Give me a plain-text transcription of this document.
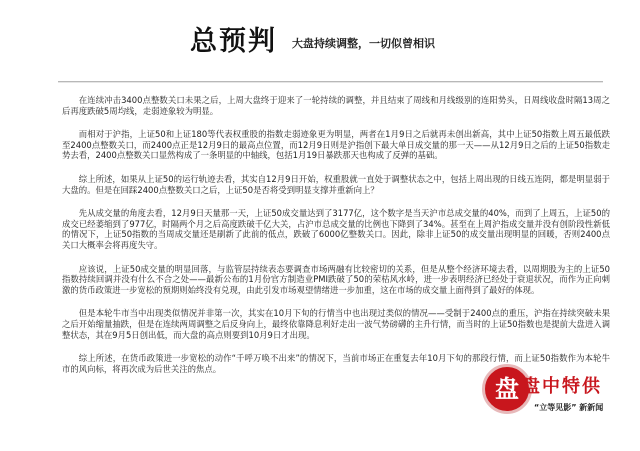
总预判 大盘持续调整，一切似曾相识

在连续冲击3400点整数关口未果之后，上周大盘终于迎来了一轮持续的调整，并且结束了周线和月线级别的连阳势头，日周线收盘时隔13周之后再度跌破5周均线，走弱迹象较为明显。

而相对于沪指，上证50和上证180等代表权重股的指数走弱迹象更为明显，两者在1月9日之后就再未创出新高，其中上证50指数上周五最低跌至2400点整数关口，而2400点正是12月9日的最高点位置，而12月9日则是沪指创下最大单日成交量的那一天——从12月9日之后的上证50指数走势去看，2400点整数关口显然构成了一条明显的中轴线，包括1月19日暴跌那天也构成了反弹的基础。

综上所述，如果从上证50的运行轨迹去看，其实自12月9日开始，权重股就一直处于调整状态之中，包括上周出现的日线五连阴，都是明显弱于大盘的。但是在回踩2400点整数关口之后，上证50是否将受到明显支撑并重新向上？

先从成交量的角度去看，12月9日天量那一天，上证50成交量达到了3177亿，这个数字是当天沪市总成交量的40%，而到了上周五，上证50的成交已经萎缩到了977亿，时隔两个月之后高度跌破千亿大关，占沪市总成交量的比例也下降到了34%。甚至在上周沪指成交量并没有创阶段性新低的情况下，上证50指数的当周成交量还是刷新了此前的低点，跌破了6000亿整数关口。因此，除非上证50的成交量出现明显的回暖，否则2400点关口大概率会将再度失守。

应该说，上证50成交量的明显回落，与监管层持续表态要调查市场两融有比较密切的关系，但是从整个经济环境去看，以周期股为主的上证50指数持续回调并没有什么不合之处——最新公布的1月份官方制造业PMI跌破了50的荣枯风水岭，进一步表明经济已经处于衰退状况，而作为正向刺激的货币政策进一步宽松的预期则始终没有兑现，由此引发市场观望情绪进一步加重，这在市场的成交量上面得到了最好的体现。

但是本轮牛市当中出现类似情况并非第一次，其实在10月下旬的行情当中也出现过类似的情况——受制于2400点的重压，沪指在持续突破未果之后开始缩量抽跌，但是在连续两周调整之后反身向上，最终依靠降息利好走出一波气势磅礴的主升行情，而当时的上证50指数也是提前大盘进入调整状态，其在9月5日创出低，而大盘的高点则要到10月9日才出现。

综上所述，在货币政策进一步宽松的动作“千呼万唤不出来”的情况下，当前市场正在重复去年10月下旬的那段行情，而上证50指数作为本轮牛市的风向标，将再次成为后世关注的焦点。

盘 盘中特供
“立等见影” 新新闻
